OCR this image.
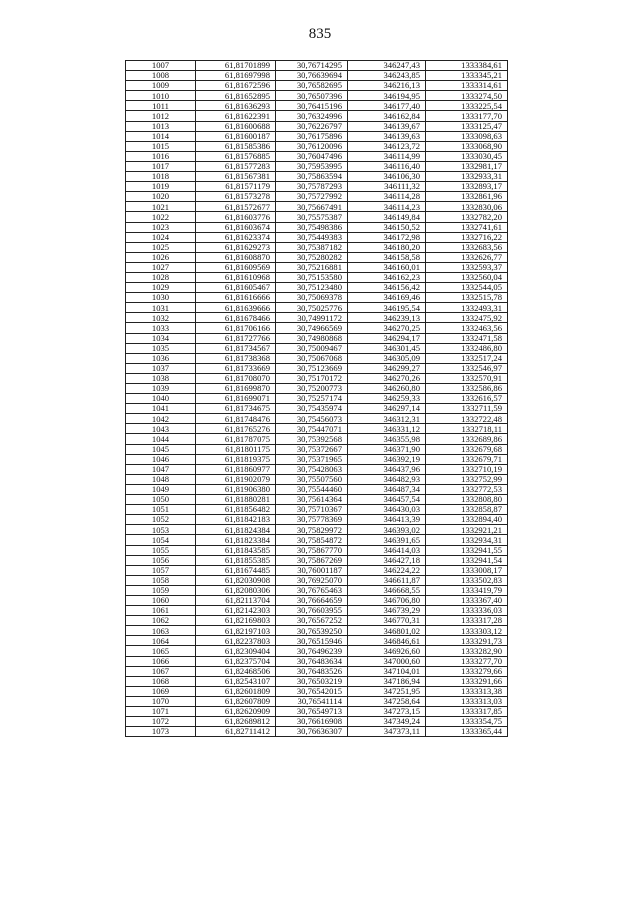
835
1007	61,81701899	30,76714295	346247,43	1333384,61
1008	61,81697998	30,76639694	346243,85	1333345,21
1009	61,81672596	30,76582695	346216,13	1333314,61
1010	61,81652895	30,76507396	346194,95	1333274,50
1011	61,81636293	30,76415196	346177,40	1333225,54
1012	61,81622391	30,76324996	346162,84	1333177,70
1013	61,81600688	30,76226797	346139,67	1333125,47
1014	61,81600187	30,76175896	346139,63	1333098,63
1015	61,81585386	30,76120096	346123,72	1333068,90
1016	61,81576885	30,76047496	346114,99	1333030,45
1017	61,81577283	30,75953995	346116,40	1332981,17
1018	61,81567381	30,75863594	346106,30	1332933,31
1019	61,81571179	30,75787293	346111,32	1332893,17
1020	61,81573278	30,75727992	346114,28	1332861,96
1021	61,81572677	30,75667491	346114,23	1332830,06
1022	61,81603776	30,75575387	346149,84	1332782,20
1023	61,81603674	30,75498386	346150,52	1332741,61
1024	61,81623374	30,75449383	346172,98	1332716,22
1025	61,81629273	30,75387182	346180,20	1332683,56
1026	61,81608870	30,75280282	346158,58	1332626,77
1027	61,81609569	30,75216881	346160,01	1332593,37
1028	61,81610968	30,75153580	346162,23	1332560,04
1029	61,81605467	30,75123480	346156,42	1332544,05
1030	61,81616666	30,75069378	346169,46	1332515,78
1031	61,81639666	30,75025776	346195,54	1332493,31
1032	61,81678466	30,74991172	346239,13	1332475,92
1033	61,81706166	30,74966569	346270,25	1332463,56
1034	61,81727766	30,74980868	346294,17	1332471,58
1035	61,81734567	30,75009467	346301,45	1332486,80
1036	61,81738368	30,75067068	346305,09	1332517,24
1037	61,81733669	30,75123669	346299,27	1332546,97
1038	61,81708070	30,75170172	346270,26	1332570,91
1039	61,81699870	30,75200773	346260,80	1332586,86
1040	61,81699071	30,75257174	346259,33	1332616,57
1041	61,81734675	30,75435974	346297,14	1332711,59
1042	61,81748476	30,75456073	346312,31	1332722,48
1043	61,81765276	30,75447071	346331,12	1332718,11
1044	61,81787075	30,75392568	346355,98	1332689,86
1045	61,81801175	30,75372667	346371,90	1332679,68
1046	61,81819375	30,75371965	346392,19	1332679,71
1047	61,81860977	30,75428063	346437,96	1332710,19
1048	61,81902079	30,75507560	346482,93	1332752,99
1049	61,81906380	30,75544460	346487,34	1332772,53
1050	61,81880281	30,75614364	346457,54	1332808,80
1051	61,81856482	30,75710367	346430,03	1332858,87
1052	61,81842183	30,75778369	346413,39	1332894,40
1053	61,81824384	30,75829972	346393,02	1332921,21
1054	61,81823384	30,75854872	346391,65	1332934,31
1055	61,81843585	30,75867770	346414,03	1332941,55
1056	61,81855385	30,75867269	346427,18	1332941,54
1057	61,81674485	30,76001187	346224,22	1333008,17
1058	61,82030908	30,76925070	346611,87	1333502,83
1059	61,82080306	30,76765463	346668,55	1333419,79
1060	61,82113704	30,76664659	346706,80	1333367,40
1061	61,82142303	30,76603955	346739,29	1333336,03
1062	61,82169803	30,76567252	346770,31	1333317,28
1063	61,82197103	30,76539250	346801,02	1333303,12
1064	61,82237803	30,76515946	346846,61	1333291,73
1065	61,82309404	30,76496239	346926,60	1333282,90
1066	61,82375704	30,76483634	347000,60	1333277,70
1067	61,82468506	30,76483526	347104,01	1333279,66
1068	61,82543107	30,76503219	347186,94	1333291,66
1069	61,82601809	30,76542015	347251,95	1333313,38
1070	61,82607809	30,76541114	347258,64	1333313,03
1071	61,82620909	30,76549713	347273,15	1333317,85
1072	61,82689812	30,76616908	347349,24	1333354,75
1073	61,82711412	30,76636307	347373,11	1333365,44
